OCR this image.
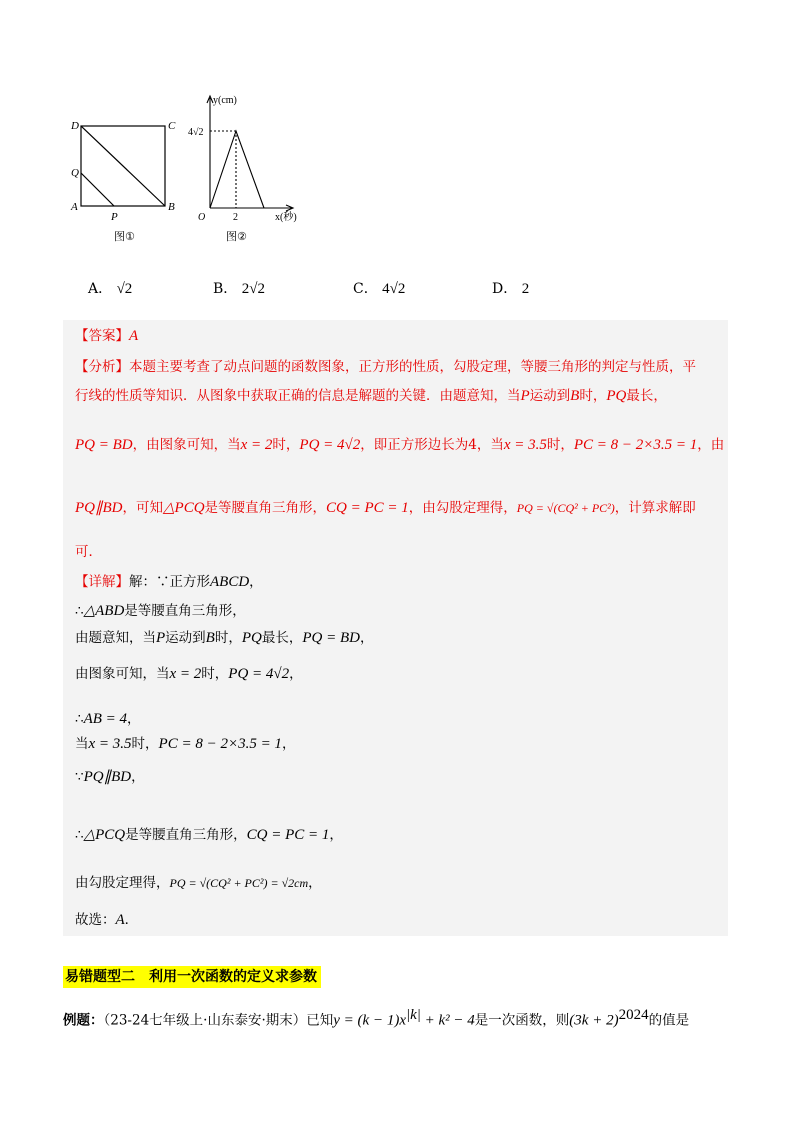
D	C
Q
A
P
B
图①
y(cm)
4√2
O	2	x(秒)
图②
A． √2	B． 2√2	C． 4√2	D． 2
【答案】A
【分析】本题主要考查了动点问题的函数图象，正方形的性质，勾股定理，等腰三角形的判定与性质，平
行线的性质等知识．从图象中获取正确的信息是解题的关键．由题意知，当P运动到B时，PQ最长，
PQ = BD，由图象可知，当x = 2时，PQ = 4√2，即正方形边长为4，当x = 3.5时，PC = 8 − 2×3.5 = 1，由
PQ∥BD，可知△PCQ是等腰直角三角形，CQ = PC = 1，由勾股定理得，PQ = √(CQ² + PC²)，计算求解即
可．
【详解】解：∵正方形ABCD，
∴△ABD是等腰直角三角形，
由题意知，当P运动到B时，PQ最长，PQ = BD，
由图象可知，当x = 2时，PQ = 4√2，
∴AB = 4，
当x = 3.5时，PC = 8 − 2×3.5 = 1，
∵PQ∥BD，
∴△PCQ是等腰直角三角形，CQ = PC = 1，
由勾股定理得，PQ = √(CQ² + PC²) = √2cm，
故选：A．
易错题型二　利用一次函数的定义求参数
例题：（23-24七年级上·山东泰安·期末）已知$y = (k - 1)x^{|k|} + k^2 - 4$是一次函数，则$(3k + 2)^{2024}$的值是
